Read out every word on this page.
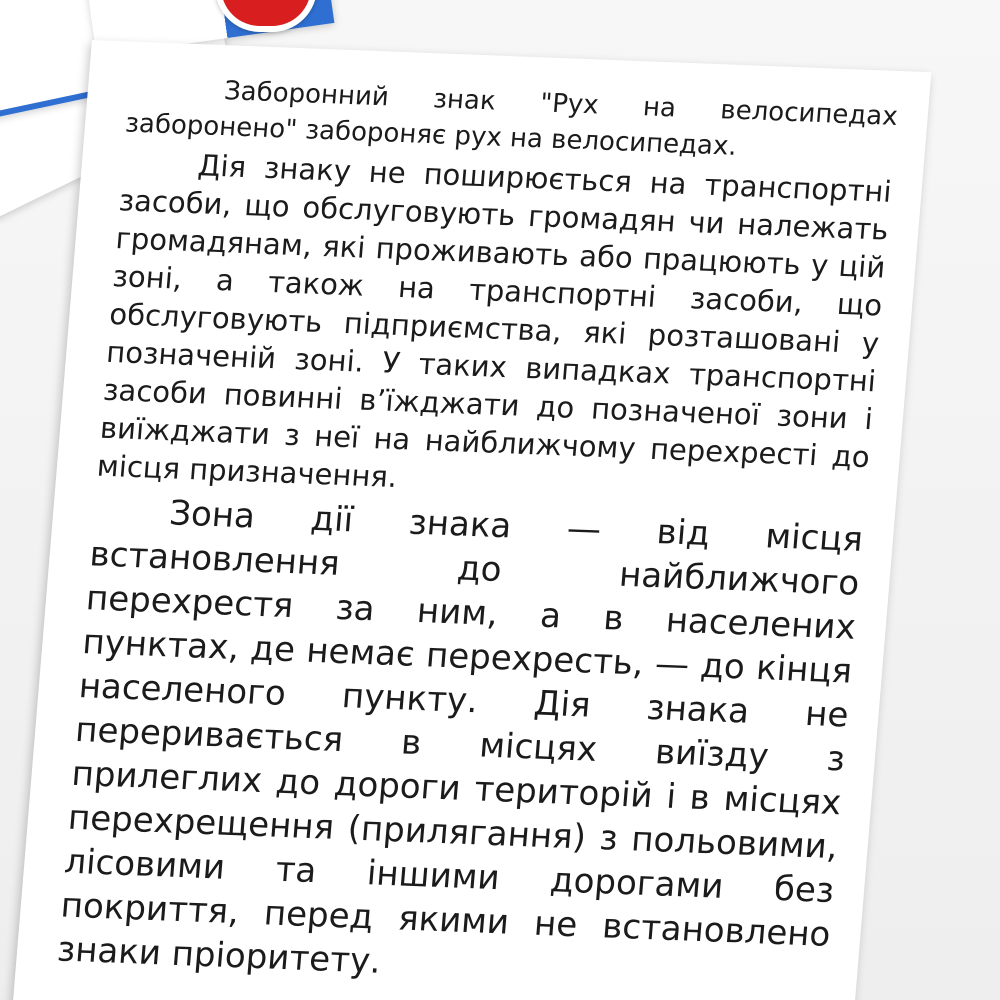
Заборонний знак "Рух на велосипедах заборонено" забороняє рух на велосипедах.

Дія знаку не поширюється на транспортні засоби, що обслуговують громадян чи належать громадянам, які проживають або працюють у цій зоні, а також на транспортні засоби, що обслуговують підприємства, які розташовані у позначеній зоні. У таких випадках транспортні засоби повинні в’їжджати до позначеної зони і виїжджати з неї на найближчому перехресті до місця призначення.

Зона дії знака — від місця встановлення до найближчого перехрестя за ним, а в населених пунктах, де немає перехресть, — до кінця населеного пункту. Дія знака не переривається в місцях виїзду з прилеглих до дороги територій і в місцях перехрещення (прилягання) з польовими, лісовими та іншими дорогами без покриття, перед якими не встановлено знаки пріоритету.
